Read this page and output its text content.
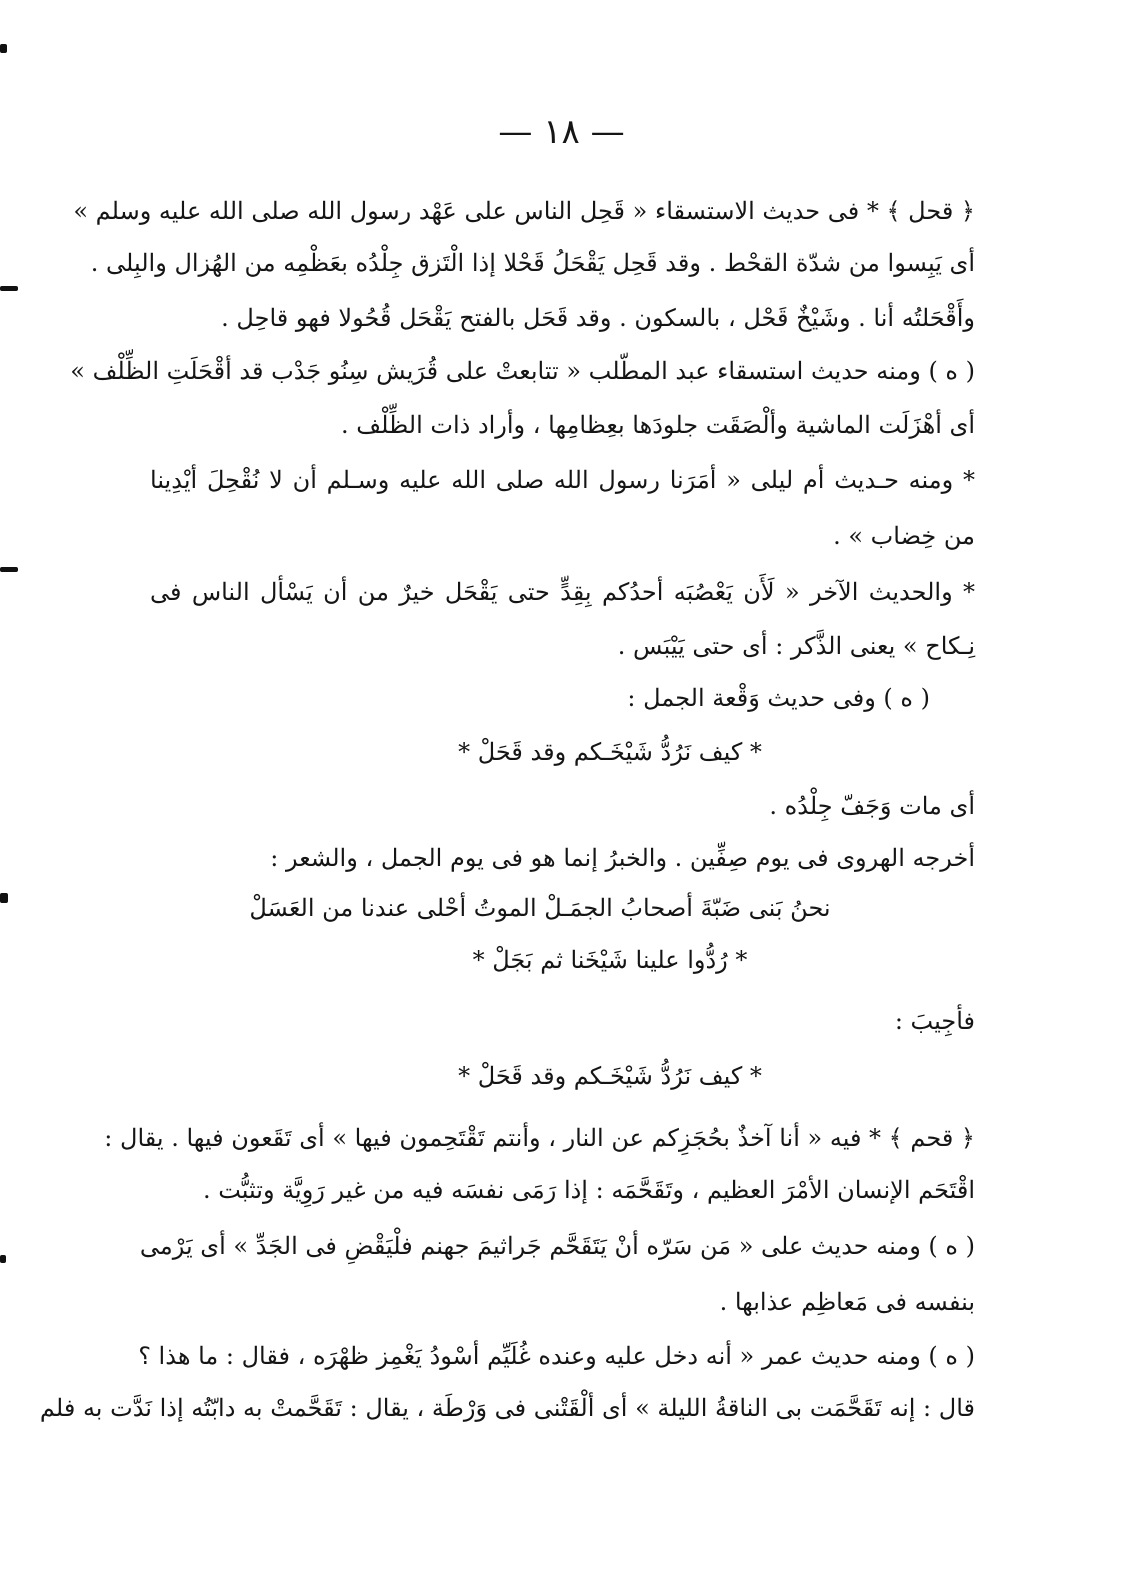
— ١٨ —
﴿ قحل ﴾ * فى حديث الاستسقاء « قَحِل الناس على عَهْد رسول الله صلى الله عليه وسلم »
أى يَبِسوا من شدّة القحْط . وقد قَحِل يَقْحَلُ قَحْلا إذا الْتَزق جِلْدُه بعَظْمِه من الهُزال والبِلى .
وأَقْحَلتُه أنا . وشَيْخٌ قَحْل ، بالسكون . وقد قَحَل بالفتح يَقْحَل قُحُولا فهو قاحِل .
( ه ) ومنه حديث استسقاء عبد المطّلب « تتابعتْ على قُرَيش سِنُو جَدْب قد أقْحَلَتِ الظِّلْف »
أى أهْزَلَت الماشية وألْصَقَت جلودَها بعِظامِها ، وأراد ذات الظِّلْف .
* ومنه حـديث أم ليلى « أمَرَنا رسول الله صلى الله عليه وسـلم أن لا نُقْحِلَ أيْدِينا
من خِضاب » .
* والحديث الآخر « لَأَن يَعْصُبَه أحدُكم بِقِدٍّ حتى يَقْحَل خيرٌ من أن يَسْأل الناس فى
نِـكاح » يعنى الذَّكر : أى حتى يَيْبَس .
( ه ) وفى حديث وَقْعة الجمل :
* كيف نَرُدُّ شَيْخَـكم وقد قَحَلْ *
أى مات وَجَفّ جِلْدُه .
أخرجه الهروى فى يوم صِفِّين . والخبرُ إنما هو فى يوم الجمل ، والشعر :
نحنُ بَنى ضَبّةَ أصحابُ الجمَـلْ الموتُ أحْلى عندنا من العَسَلْ
* رُدُّوا علينا شَيْخَنا ثم بَجَلْ *
فأجِيبَ :
* كيف نَرُدُّ شَيْخَـكم وقد قَحَلْ *
﴿ قحم ﴾ * فيه « أنا آخذٌ بحُجَزِكم عن النار ، وأنتم تَقْتَحِمون فيها » أى تَقَعون فيها . يقال :
اقْتَحَم الإنسان الأمْرَ العظيم ، وتَقَحَّمَه : إذا رَمَى نفسَه فيه من غير رَوِيَّة وتثبُّت .
( ه ) ومنه حديث على « مَن سَرّه أنْ يَتَقَحَّم جَراثيمَ جهنم فلْيَقْضِ فى الجَدِّ » أى يَرْمى
بنفسه فى مَعاظِم عذابها .
( ه ) ومنه حديث عمر « أنه دخل عليه وعنده غُلَيِّم أسْودُ يَغْمِز ظهْرَه ، فقال : ما هذا ؟
قال : إنه تَقَحَّمَت بى الناقةُ الليلة » أى ألْقَتْنى فى وَرْطَة ، يقال : تَقَحَّمتْ به دابّتُه إذا نَدَّت به فلم
